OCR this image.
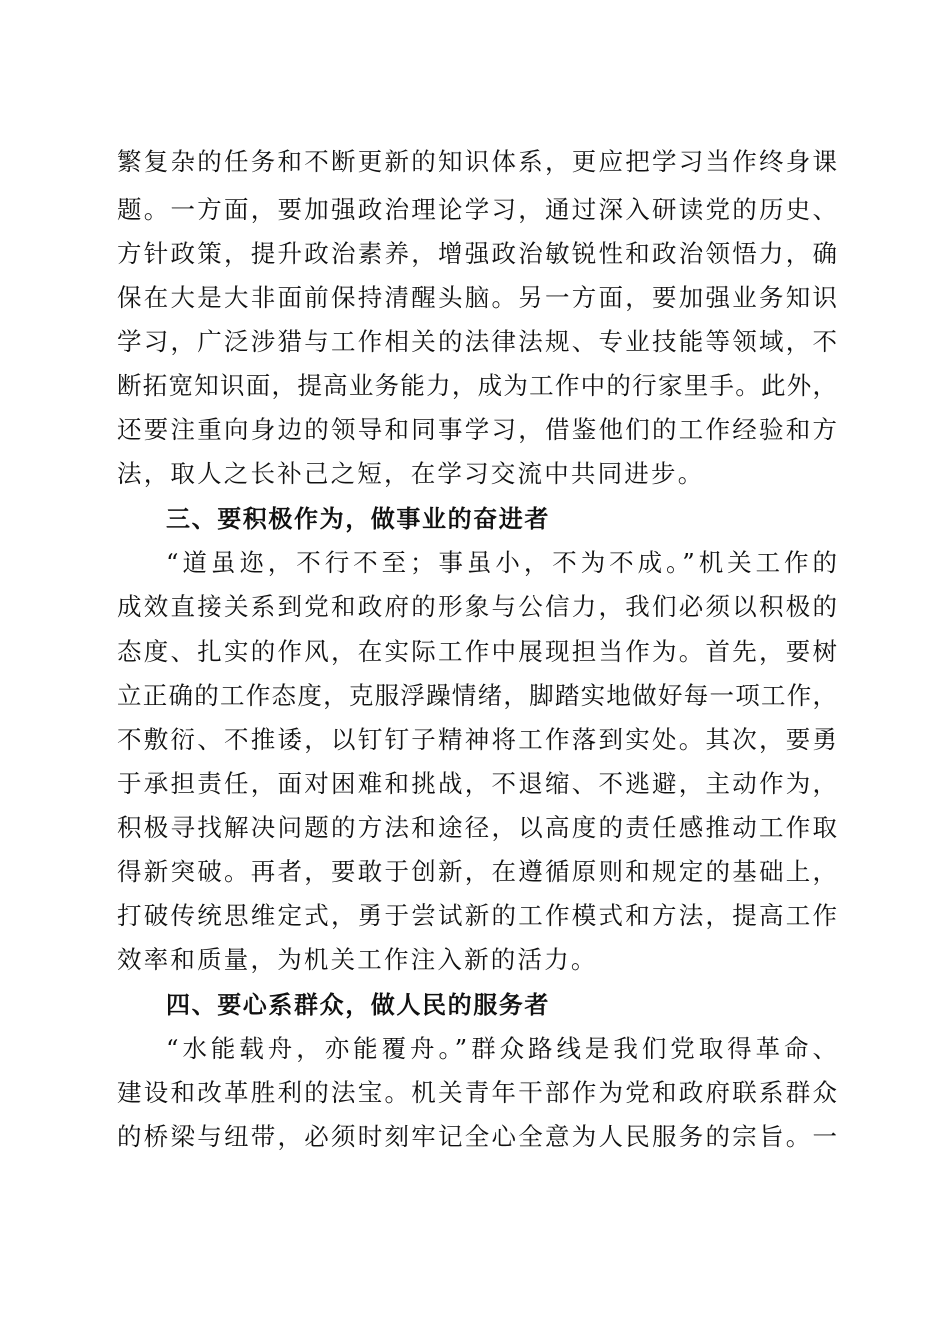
繁复杂的任务和不断更新的知识体系，更应把学习当作终身课
题。一方面，要加强政治理论学习，通过深入研读党的历史、
方针政策，提升政治素养，增强政治敏锐性和政治领悟力，确
保在大是大非面前保持清醒头脑。另一方面，要加强业务知识
学习，广泛涉猎与工作相关的法律法规、专业技能等领域，不
断拓宽知识面，提高业务能力，成为工作中的行家里手。此外，
还要注重向身边的领导和同事学习，借鉴他们的工作经验和方
法，取人之长补己之短，在学习交流中共同进步。
三、要积极作为，做事业的奋进者
“道虽迩，不行不至；事虽小，不为不成。”机关工作的
成效直接关系到党和政府的形象与公信力，我们必须以积极的
态度、扎实的作风，在实际工作中展现担当作为。首先，要树
立正确的工作态度，克服浮躁情绪，脚踏实地做好每一项工作，
不敷衍、不推诿，以钉钉子精神将工作落到实处。其次，要勇
于承担责任，面对困难和挑战，不退缩、不逃避，主动作为，
积极寻找解决问题的方法和途径，以高度的责任感推动工作取
得新突破。再者，要敢于创新，在遵循原则和规定的基础上，
打破传统思维定式，勇于尝试新的工作模式和方法，提高工作
效率和质量，为机关工作注入新的活力。
四、要心系群众，做人民的服务者
“水能载舟，亦能覆舟。”群众路线是我们党取得革命、
建设和改革胜利的法宝。机关青年干部作为党和政府联系群众
的桥梁与纽带，必须时刻牢记全心全意为人民服务的宗旨。一
